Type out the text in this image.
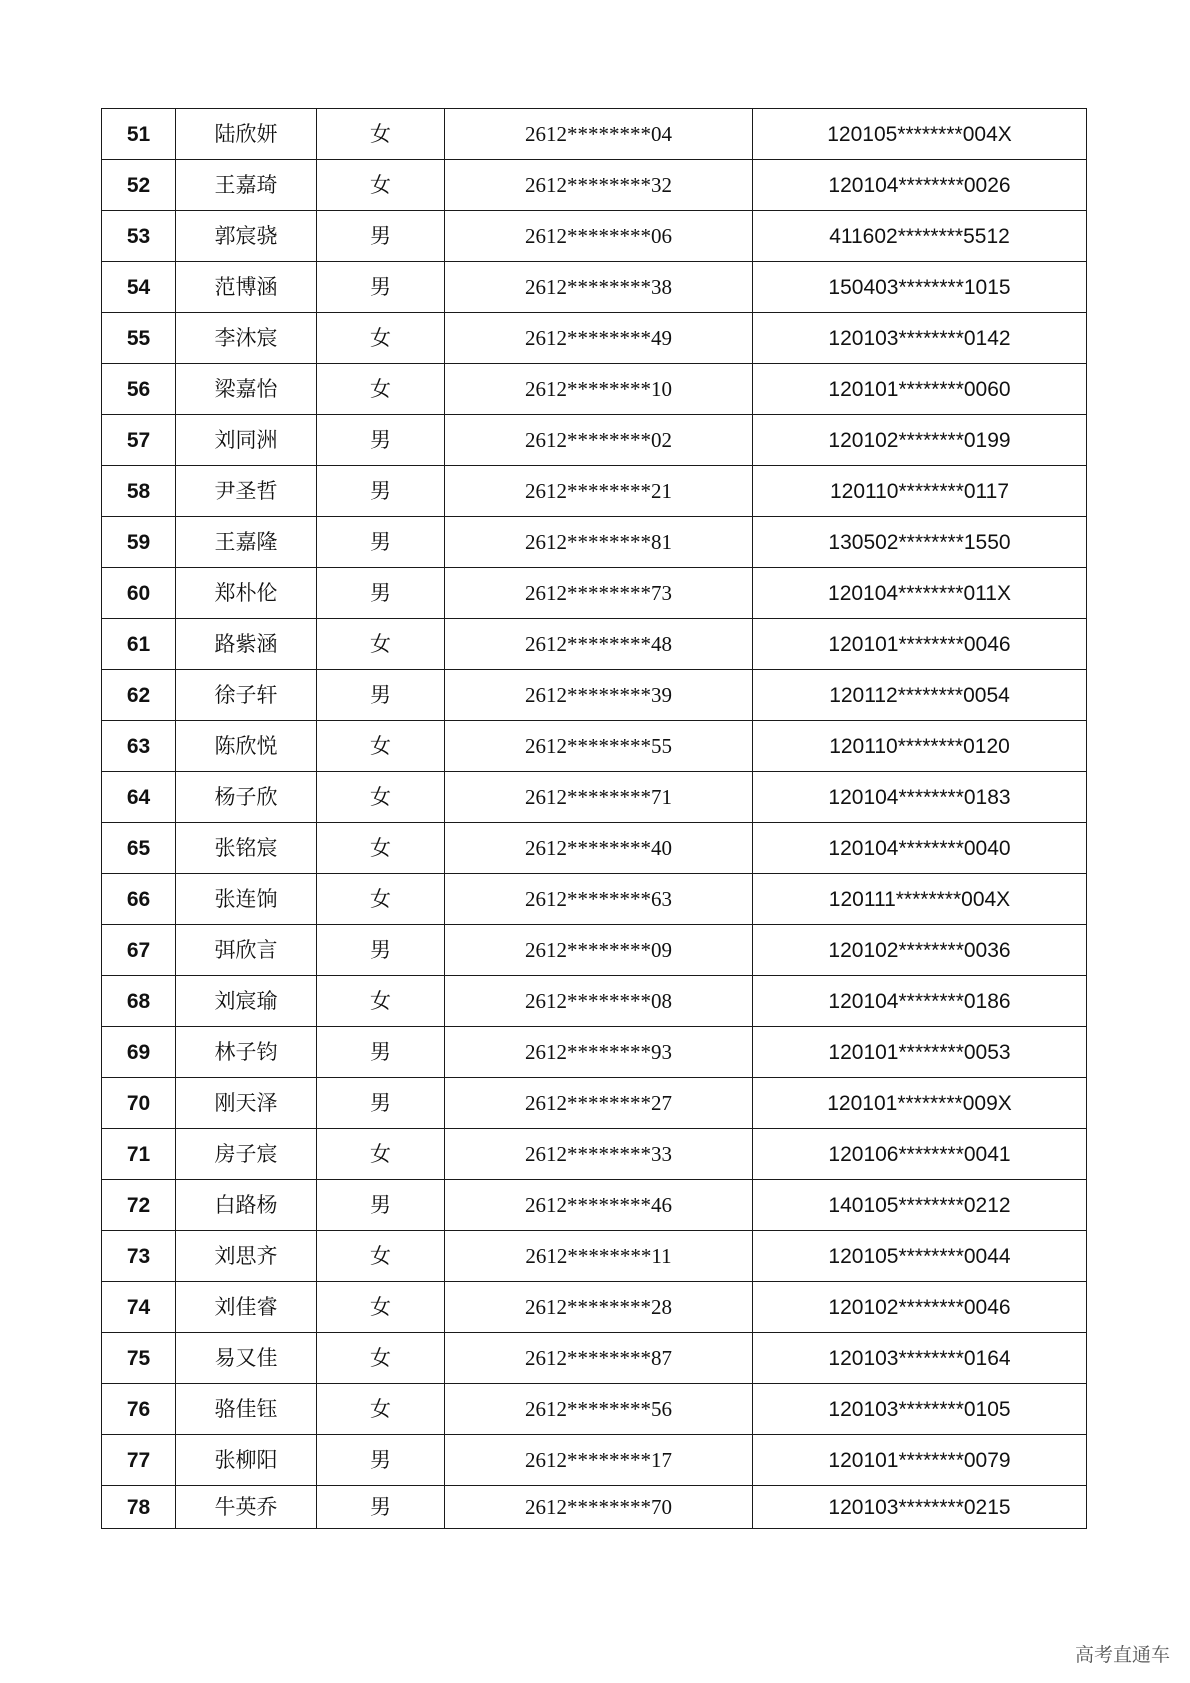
51	陆欣妍	女	2612********04	120105********004X
52	王嘉琦	女	2612********32	120104********0026
53	郭宸骁	男	2612********06	411602********5512
54	范博涵	男	2612********38	150403********1015
55	李沐宸	女	2612********49	120103********0142
56	梁嘉怡	女	2612********10	120101********0060
57	刘同洲	男	2612********02	120102********0199
58	尹圣哲	男	2612********21	120110********0117
59	王嘉隆	男	2612********81	130502********1550
60	郑朴伦	男	2612********73	120104********011X
61	路紫涵	女	2612********48	120101********0046
62	徐子轩	男	2612********39	120112********0054
63	陈欣悦	女	2612********55	120110********0120
64	杨子欣	女	2612********71	120104********0183
65	张铭宸	女	2612********40	120104********0040
66	张连饷	女	2612********63	120111********004X
67	弭欣言	男	2612********09	120102********0036
68	刘宸瑜	女	2612********08	120104********0186
69	林子钧	男	2612********93	120101********0053
70	刚天泽	男	2612********27	120101********009X
71	房子宸	女	2612********33	120106********0041
72	白路杨	男	2612********46	140105********0212
73	刘思齐	女	2612********11	120105********0044
74	刘佳睿	女	2612********28	120102********0046
75	易又佳	女	2612********87	120103********0164
76	骆佳钰	女	2612********56	120103********0105
77	张柳阳	男	2612********17	120101********0079
78	牛英乔	男	2612********70	120103********0215
高考直通车
